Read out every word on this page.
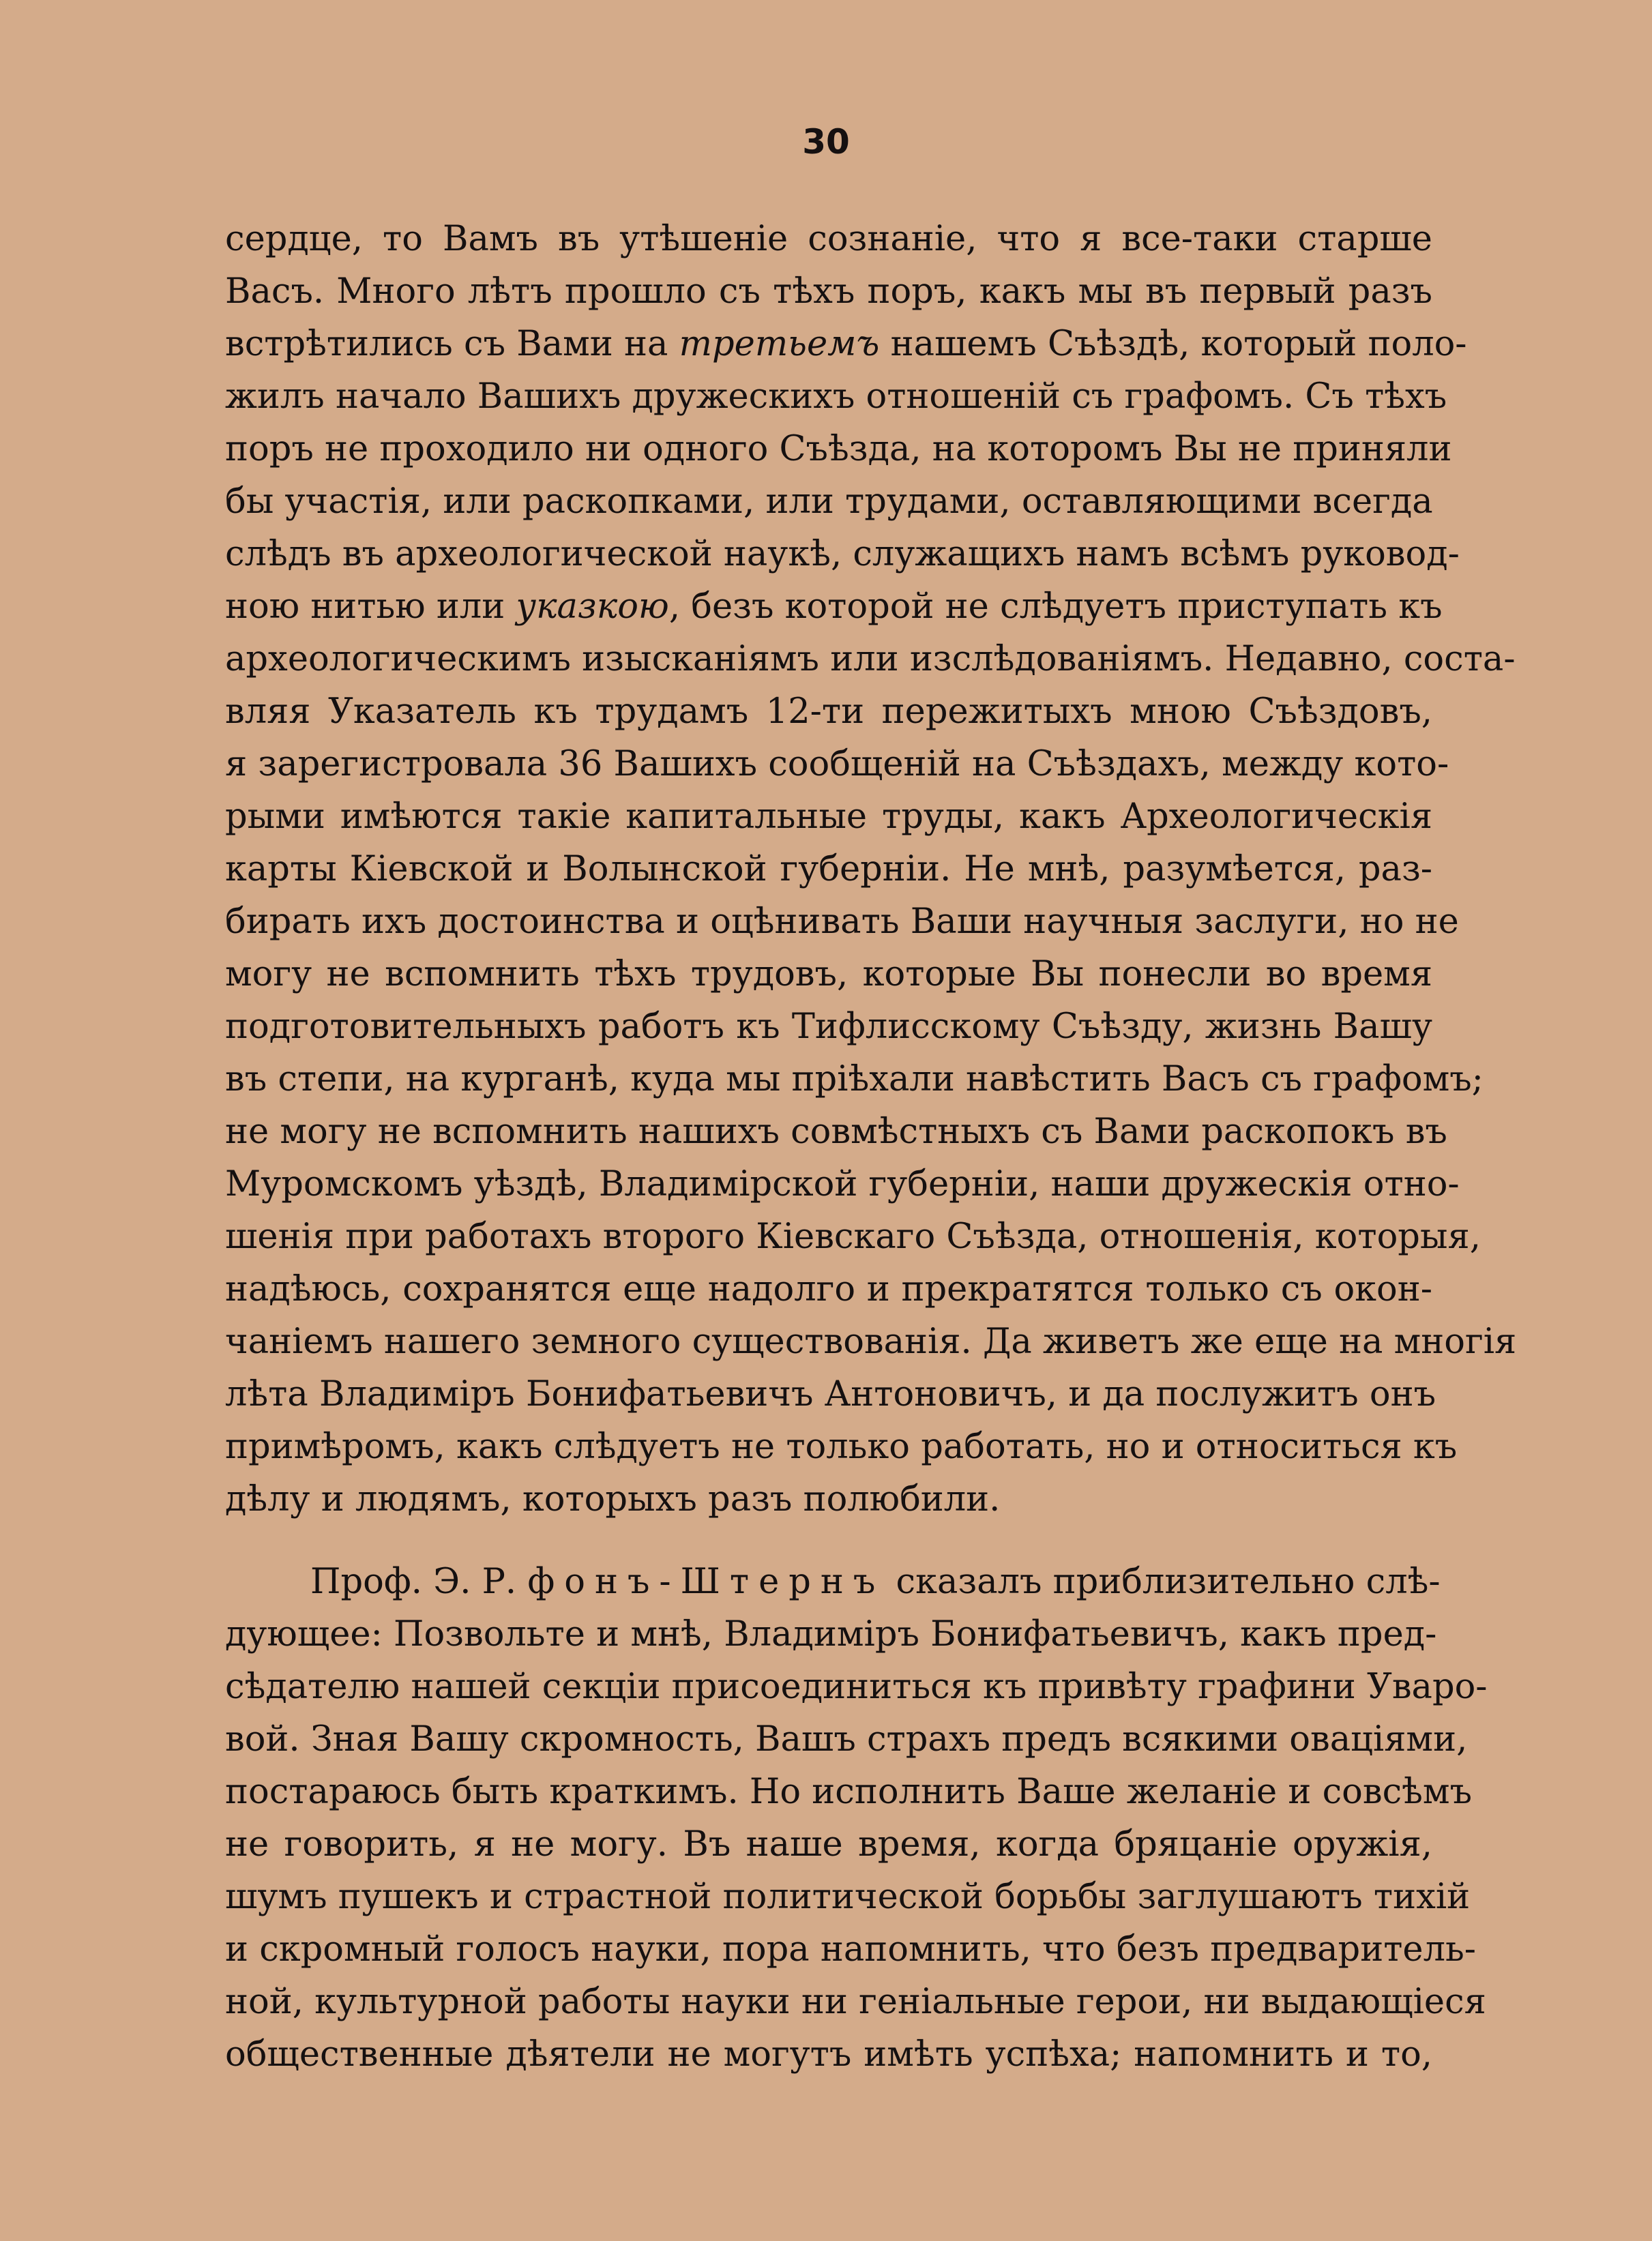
30
сердце, то Вамъ въ утѣшеніе сознаніе, что я все-таки старше
Васъ. Много лѣтъ прошло съ тѣхъ поръ, какъ мы въ первый разъ
встрѣтились съ Вами на третьемъ нашемъ Съѣздѣ, который поло-
жилъ начало Вашихъ дружескихъ отношеній съ графомъ. Съ тѣхъ
поръ не проходило ни одного Съѣзда, на которомъ Вы не приняли
бы участія, или раскопками, или трудами, оставляющими всегда
слѣдъ въ археологической наукѣ, служащихъ намъ всѣмъ руковод-
ною нитью или указкою, безъ которой не слѣдуетъ приступать къ
археологическимъ изысканіямъ или изслѣдованіямъ. Недавно, соста-
вляя Указатель къ трудамъ 12-ти пережитыхъ мною Съѣздовъ,
я зарегистровала 36 Вашихъ сообщеній на Съѣздахъ, между кото-
рыми имѣются такіе капитальные труды, какъ Археологическія
карты Кіевской и Волынской губерніи. Не мнѣ, разумѣется, раз-
бирать ихъ достоинства и оцѣнивать Ваши научныя заслуги, но не
могу не вспомнить тѣхъ трудовъ, которые Вы понесли во время
подготовительныхъ работъ къ Тифлисскому Съѣзду, жизнь Вашу
въ степи, на курганѣ, куда мы пріѣхали навѣстить Васъ съ графомъ;
не могу не вспомнить нашихъ совмѣстныхъ съ Вами раскопокъ въ
Муромскомъ уѣздѣ, Владимірской губерніи, наши дружескія отно-
шенія при работахъ второго Кіевскаго Съѣзда, отношенія, которыя,
надѣюсь, сохранятся еще надолго и прекратятся только съ окон-
чаніемъ нашего земного существованія. Да живетъ же еще на многія
лѣта Владиміръ Бонифатьевичъ Антоновичъ, и да послужитъ онъ
примѣромъ, какъ слѣдуетъ не только работать, но и относиться къ
дѣлу и людямъ, которыхъ разъ полюбили.
Проф. Э. Р. фонъ-Штернъ сказалъ приблизительно слѣ-
дующее: Позвольте и мнѣ, Владиміръ Бонифатьевичъ, какъ пред-
сѣдателю нашей секціи присоединиться къ привѣту графини Уваро-
вой. Зная Вашу скромность, Вашъ страхъ предъ всякими оваціями,
постараюсь быть краткимъ. Но исполнить Ваше желаніе и совсѣмъ
не говорить, я не могу. Въ наше время, когда бряцаніе оружія,
шумъ пушекъ и страстной политической борьбы заглушаютъ тихій
и скромный голосъ науки, пора напомнить, что безъ предваритель-
ной, культурной работы науки ни геніальные герои, ни выдающіеся
общественные дѣятели не могутъ имѣть успѣха; напомнить и то,
